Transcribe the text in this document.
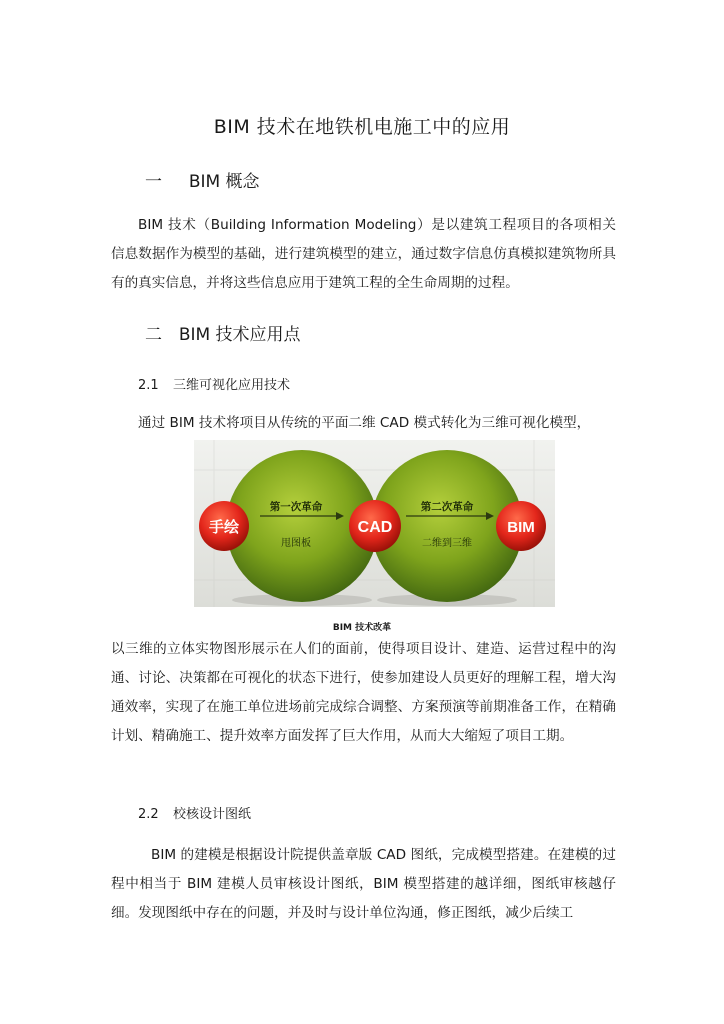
BIM 技术在地铁机电施工中的应用
一 BIM 概念

BIM 技术（Building Information Modeling）是以建筑工程项目的各项相关信息数据作为模型的基础，进行建筑模型的建立，通过数字信息仿真模拟建筑物所具有的真实信息，并将这些信息应用于建筑工程的全生命周期的过程。

二 BIM 技术应用点
2.1 三维可视化应用技术

通过 BIM 技术将项目从传统的平面二维 CAD 模式转化为三维可视化模型，

手绘	CAD	BIM
第一次革命
甩图板
第二次革命
二维到三维
BIM 技术改革

以三维的立体实物图形展示在人们的面前，使得项目设计、建造、运营过程中的沟通、讨论、决策都在可视化的状态下进行，使参加建设人员更好的理解工程，增大沟通效率，实现了在施工单位进场前完成综合调整、方案预演等前期准备工作，在精确计划、精确施工、提升效率方面发挥了巨大作用，从而大大缩短了项目工期。

2.2 校核设计图纸

BIM 的建模是根据设计院提供盖章版 CAD 图纸，完成模型搭建。在建模的过程中相当于 BIM 建模人员审核设计图纸，BIM 模型搭建的越详细，图纸审核越仔细。发现图纸中存在的问题，并及时与设计单位沟通，修正图纸，减少后续工
